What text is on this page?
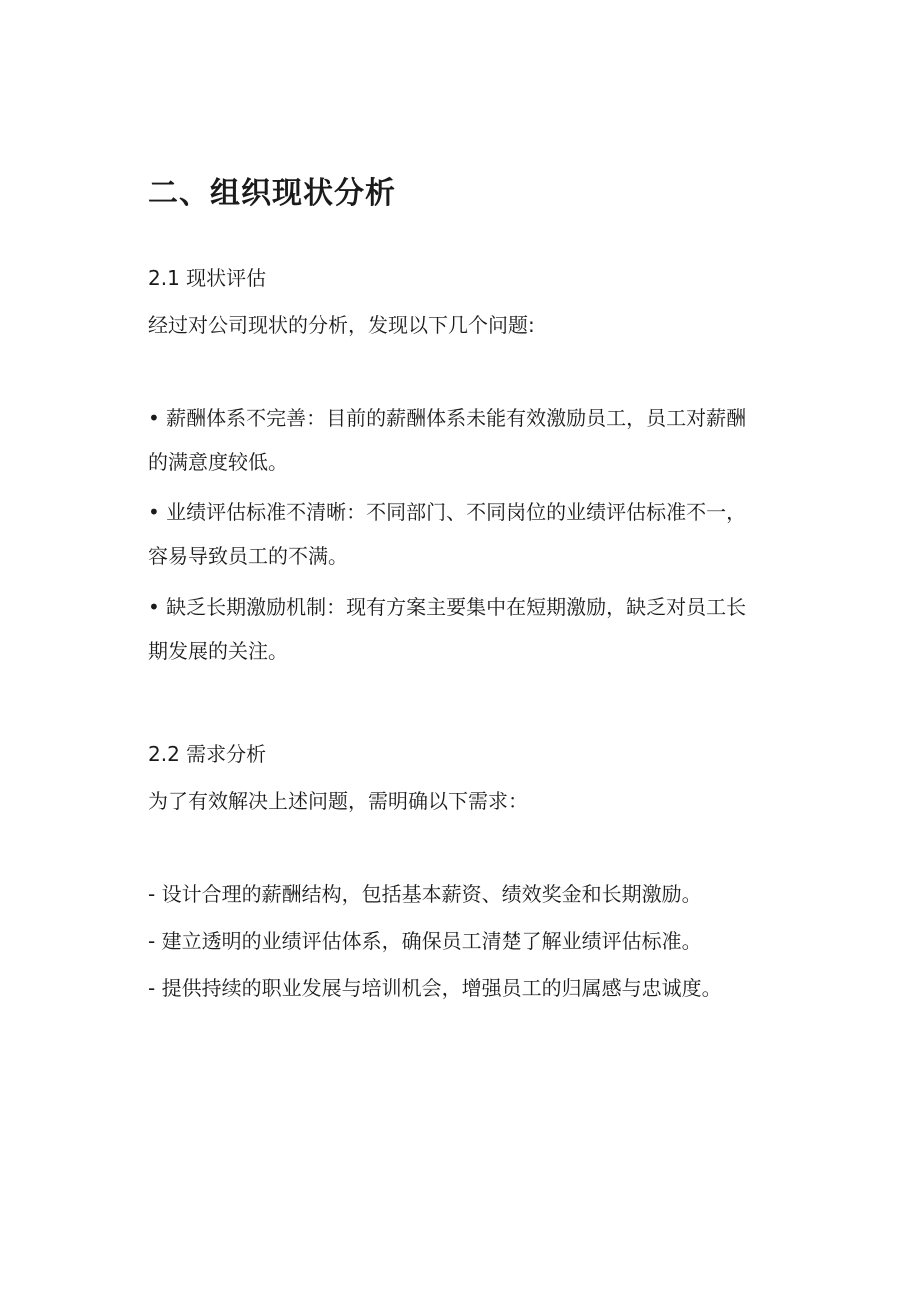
二、组织现状分析
2.1 现状评估
经过对公司现状的分析，发现以下几个问题:
• 薪酬体系不完善：目前的薪酬体系未能有效激励员工，员工对薪酬
的满意度较低。
• 业绩评估标准不清晰：不同部门、不同岗位的业绩评估标准不一，
容易导致员工的不满。
• 缺乏长期激励机制：现有方案主要集中在短期激励，缺乏对员工长
期发展的关注。
2.2 需求分析
为了有效解决上述问题，需明确以下需求：
- 设计合理的薪酬结构，包括基本薪资、绩效奖金和长期激励。
- 建立透明的业绩评估体系，确保员工清楚了解业绩评估标准。
- 提供持续的职业发展与培训机会，增强员工的归属感与忠诚度。
